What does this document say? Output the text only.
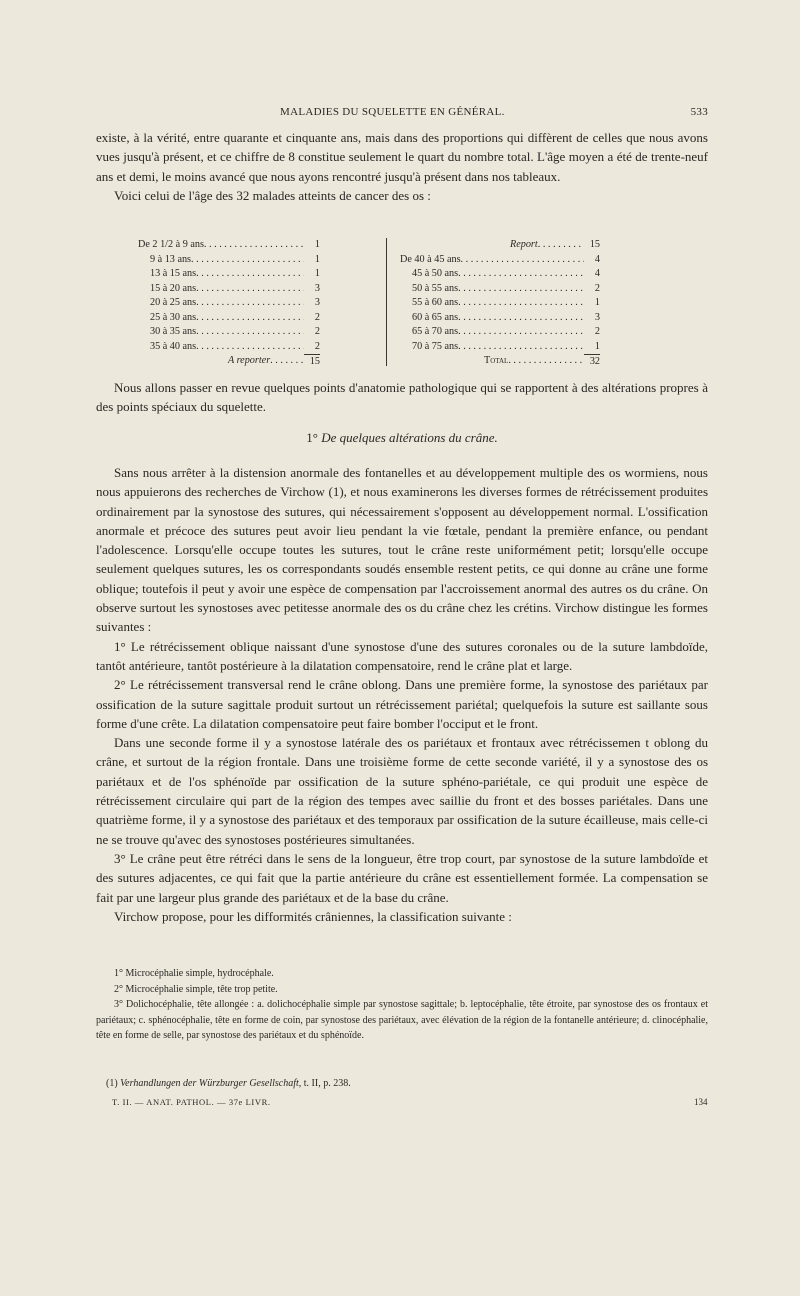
MALADIES DU SQUELETTE EN GÉNÉRAL.	533

existe, à la vérité, entre quarante et cinquante ans, mais dans des proportions qui diffèrent de celles que nous avons vues jusqu'à présent, et ce chiffre de 8 constitue seulement le quart du nombre total. L'âge moyen a été de trente-neuf ans et demi, le moins avancé que nous ayons rencontré jusqu'à présent dans nos tableaux.

Voici celui de l'âge des 32 malades atteints de cancer des os :

De 2 1/2 à 9 ans . . .	1
9 à 13 ans . . .	1
13 à 15 ans . . .	1
15 à 20 ans . . .	3
20 à 25 ans . . .	3
25 à 30 ans . . .	2
30 à 35 ans . . .	2
35 à 40 ans . . .	2
A reporter . . .	15
Report . . .	15
De 40 à 45 ans . . .	4
45 à 50 ans . . .	4
50 à 55 ans . . .	2
55 à 60 ans . . .	1
60 à 65 ans . . .	3
65 à 70 ans . . .	2
70 à 75 ans . . .	1
Total . . .	32

Nous allons passer en revue quelques points d'anatomie pathologique qui se rapportent à des altérations propres à des points spéciaux du squelette.

1° De quelques altérations du crâne.

Sans nous arrêter à la distension anormale des fontanelles et au développement multiple des os wormiens, nous nous appuierons des recherches de Virchow (1), et nous examinerons les diverses formes de rétrécissement produites ordinairement par la synostose des sutures, qui nécessairement s'opposent au développement normal. L'ossification anormale et précoce des sutures peut avoir lieu pendant la vie fœtale, pendant la première enfance, ou pendant l'adolescence. Lorsqu'elle occupe toutes les sutures, tout le crâne reste uniformément petit; lorsqu'elle occupe seulement quelques sutures, les os correspondants soudés ensemble restent petits, ce qui donne au crâne une forme oblique; toutefois il peut y avoir une espèce de compensation par l'accroissement anormal des autres os du crâne. On observe surtout les synostoses avec petitesse anormale des os du crâne chez les crétins. Virchow distingue les formes suivantes :

1° Le rétrécissement oblique naissant d'une synostose d'une des sutures coronales ou de la suture lambdoïde, tantôt antérieure, tantôt postérieure à la dilatation compensatoire, rend le crâne plat et large.

2° Le rétrécissement transversal rend le crâne oblong. Dans une première forme, la synostose des pariétaux par ossification de la suture sagittale produit surtout un rétrécissement pariétal; quelquefois la suture est saillante sous forme d'une crête. La dilatation compensatoire peut faire bomber l'occiput et le front.

Dans une seconde forme il y a synostose latérale des os pariétaux et frontaux avec rétrécissemen t oblong du crâne, et surtout de la région frontale. Dans une troisième forme de cette seconde variété, il y a synostose des os pariétaux et de l'os sphénoïde par ossification de la suture sphéno-pariétale, ce qui produit une espèce de rétrécissement circulaire qui part de la région des tempes avec saillie du front et des bosses pariétales. Dans une quatrième forme, il y a synostose des pariétaux et des temporaux par ossification de la suture écailleuse, mais celle-ci ne se trouve qu'avec des synostoses postérieures simultanées.

3° Le crâne peut être rétréci dans le sens de la longueur, être trop court, par synostose de la suture lambdoïde et des sutures adjacentes, ce qui fait que la partie antérieure du crâne est essentiellement formée. La compensation se fait par une largeur plus grande des pariétaux et de la base du crâne.

Virchow propose, pour les difformités crâniennes, la classification suivante :

1° Microcéphalie simple, hydrocéphale.

2° Microcéphalie simple, tête trop petite.

3° Dolichocéphalie, tête allongée : a. dolichocéphalie simple par synostose sagittale; b. leptocéphalie, tête étroite, par synostose des os frontaux et pariétaux; c. sphénocéphalie, tête en forme de coin, par synostose des pariétaux, avec élévation de la région de la fontanelle antérieure; d. clinocéphalie, tête en forme de selle, par synostose des pariétaux et du sphénoïde.

(1) Verhandlungen der Würzburger Gesellschaft, t. II, p. 238.
T. II. — ANAT. PATHOL. — 37e LIVR.	134
